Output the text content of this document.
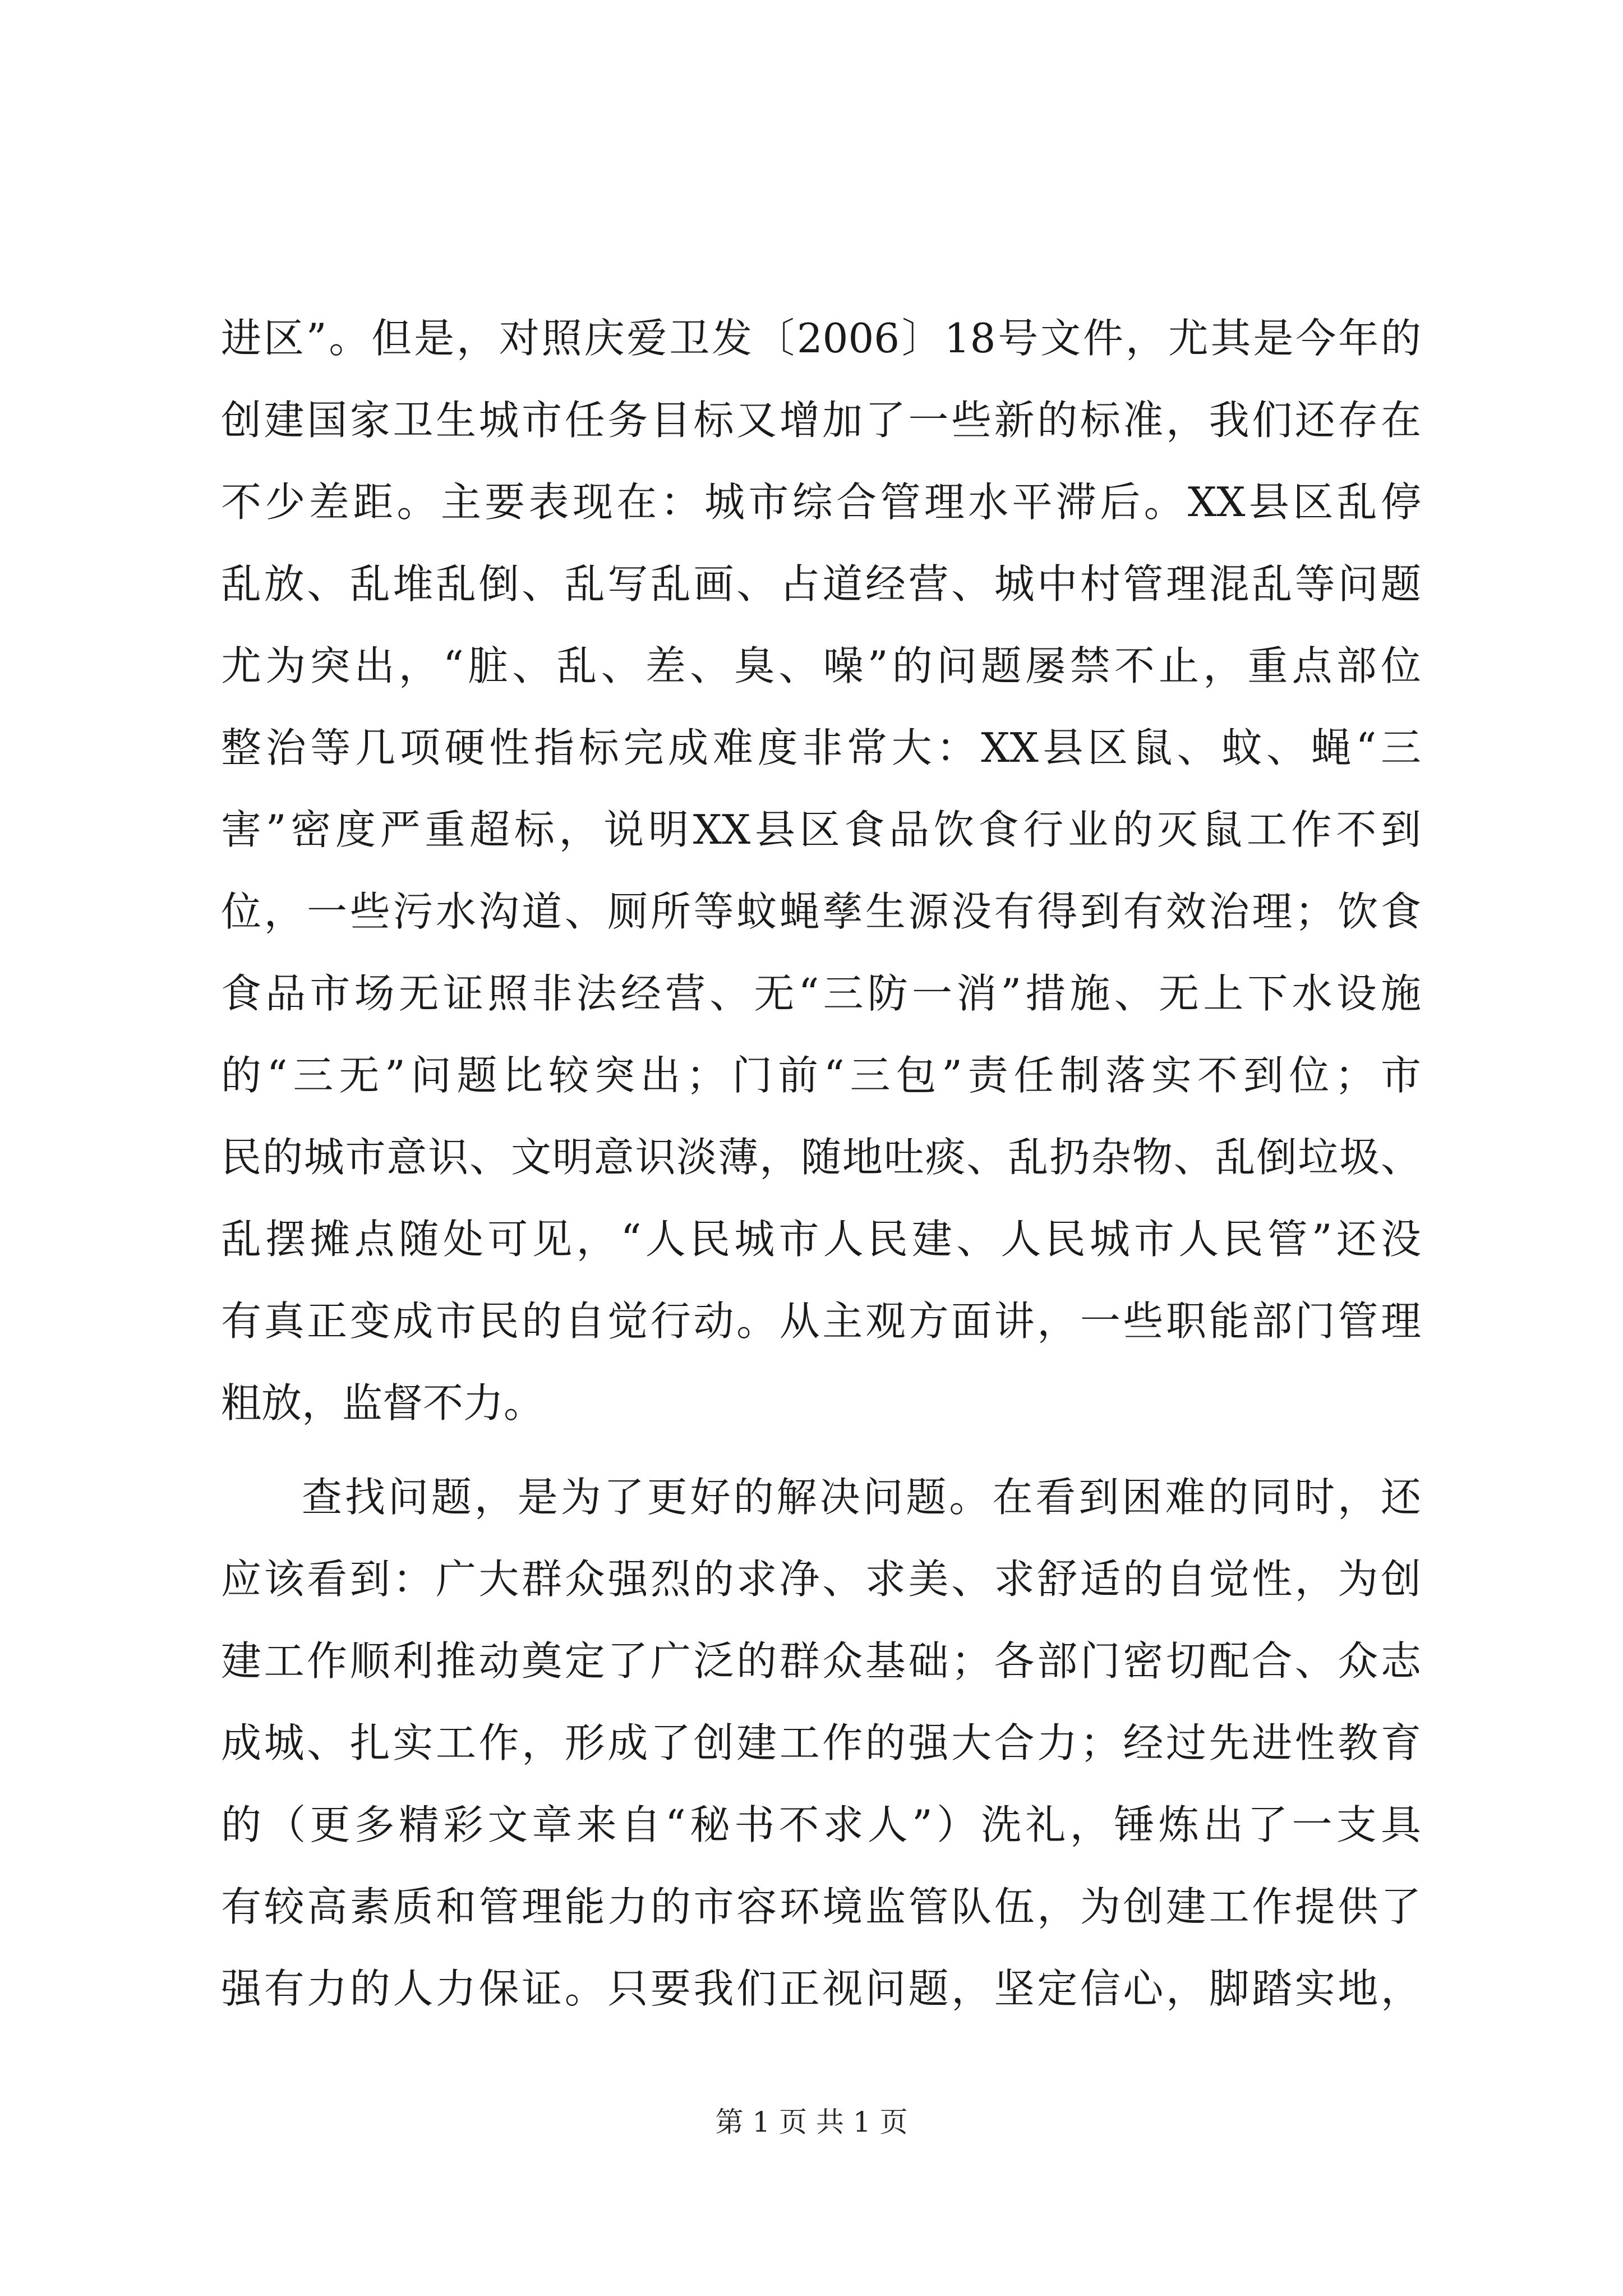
进区”。但是，对照庆爱卫发〔2006〕18号文件，尤其是今年的
创建国家卫生城市任务目标又增加了一些新的标准，我们还存在
不少差距。主要表现在：城市综合管理水平滞后。XX县区乱停
乱放、乱堆乱倒、乱写乱画、占道经营、城中村管理混乱等问题
尤为突出，“脏、乱、差、臭、噪”的问题屡禁不止，重点部位
整治等几项硬性指标完成难度非常大：XX县区鼠、蚊、蝇“三
害”密度严重超标，说明XX县区食品饮食行业的灭鼠工作不到
位，一些污水沟道、厕所等蚊蝇孳生源没有得到有效治理；饮食
食品市场无证照非法经营、无“三防一消”措施、无上下水设施
的“三无”问题比较突出；门前“三包”责任制落实不到位；市
民的城市意识、文明意识淡薄，随地吐痰、乱扔杂物、乱倒垃圾、
乱摆摊点随处可见，“人民城市人民建、人民城市人民管”还没
有真正变成市民的自觉行动。从主观方面讲，一些职能部门管理
粗放，监督不力。
查找问题，是为了更好的解决问题。在看到困难的同时，还
应该看到：广大群众强烈的求净、求美、求舒适的自觉性，为创
建工作顺利推动奠定了广泛的群众基础；各部门密切配合、众志
成城、扎实工作，形成了创建工作的强大合力；经过先进性教育
的（更多精彩文章来自“秘书不求人”）洗礼，锤炼出了一支具
有较高素质和管理能力的市容环境监管队伍，为创建工作提供了
强有力的人力保证。只要我们正视问题，坚定信心，脚踏实地，
第 1 页 共 1 页
